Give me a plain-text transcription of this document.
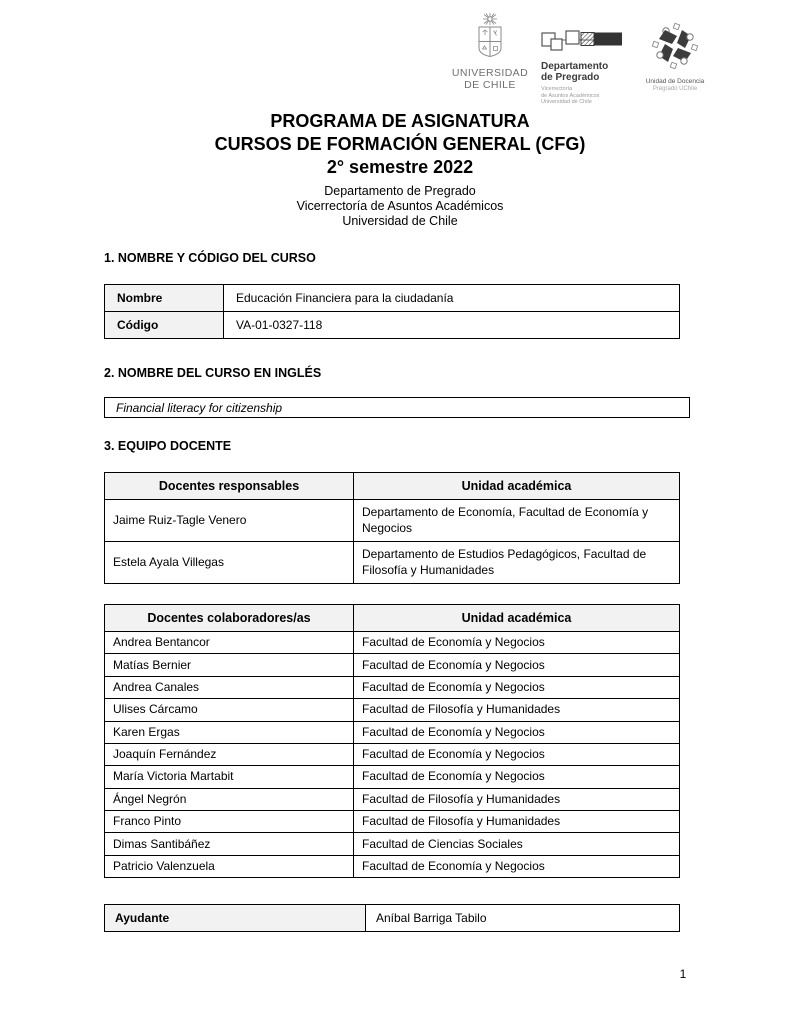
UNIVERSIDAD
DE CHILE
Departamento
de Pregrado
Vicerrectoría
de Asuntos Académicos
Universidad de Chile
Unidad de Docencia
Pregrado UChile
PROGRAMA DE ASIGNATURA
CURSOS DE FORMACIÓN GENERAL (CFG)
2° semestre 2022
Departamento de Pregrado
Vicerrectoría de Asuntos Académicos
Universidad de Chile
1. NOMBRE Y CÓDIGO DEL CURSO
Nombre	Educación Financiera para la ciudadanía
Código	VA-01-0327-118
2. NOMBRE DEL CURSO EN INGLÉS
Financial literacy for citizenship
3. EQUIPO DOCENTE
Docentes responsables	Unidad académica
Jaime Ruiz-Tagle Venero	Departamento de Economía, Facultad de Economía y Negocios
Estela Ayala Villegas	Departamento de Estudios Pedagógicos, Facultad de Filosofía y Humanidades
Docentes colaboradores/as	Unidad académica
Andrea Bentancor	Facultad de Economía y Negocios
Matías Bernier	Facultad de Economía y Negocios
Andrea Canales	Facultad de Economía y Negocios
Ulises Cárcamo	Facultad de Filosofía y Humanidades
Karen Ergas	Facultad de Economía y Negocios
Joaquín Fernández	Facultad de Economía y Negocios
María Victoria Martabit	Facultad de Economía y Negocios
Ángel Negrón	Facultad de Filosofía y Humanidades
Franco Pinto	Facultad de Filosofía y Humanidades
Dimas Santibáñez	Facultad de Ciencias Sociales
Patricio Valenzuela	Facultad de Economía y Negocios
Ayudante	Aníbal Barriga Tabilo
1
